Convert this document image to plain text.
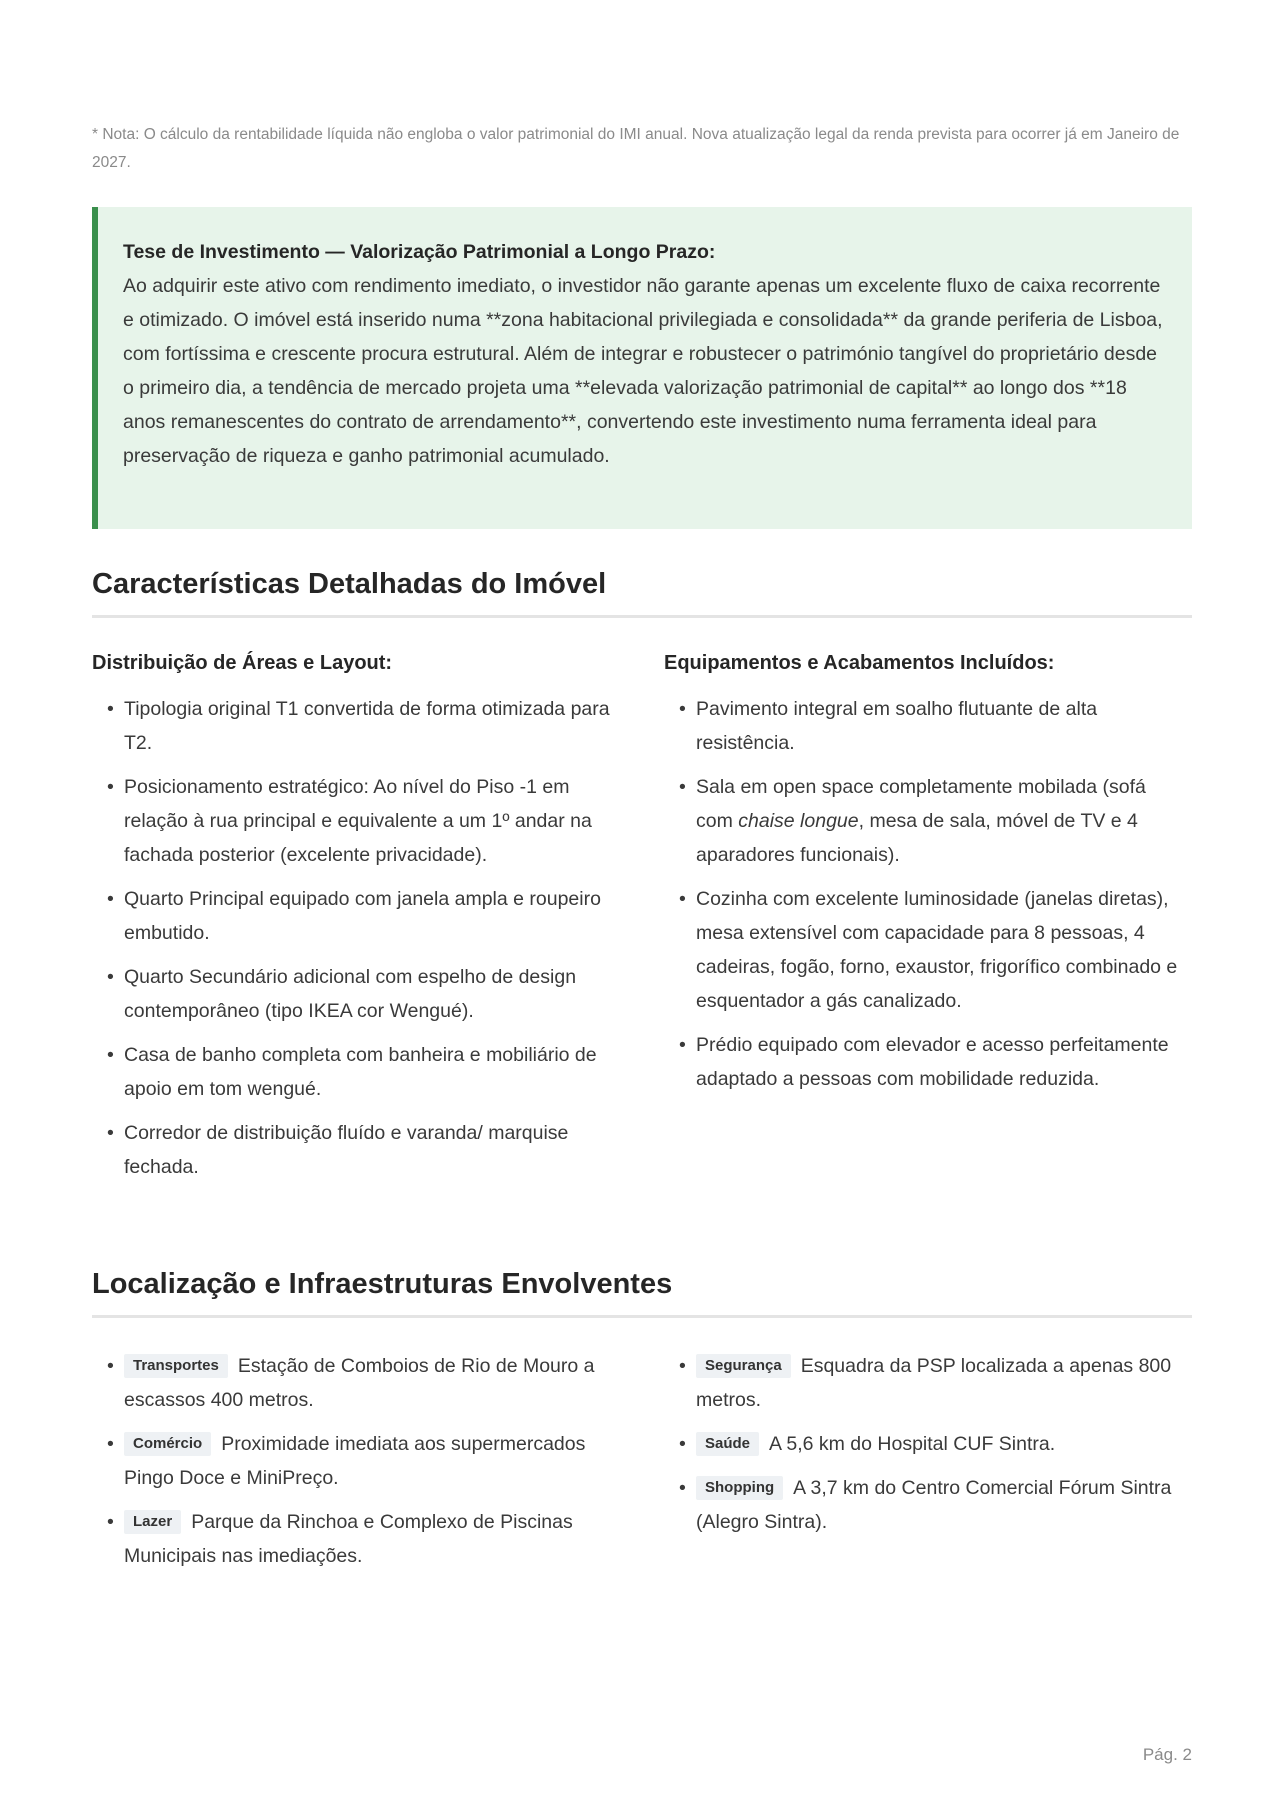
* Nota: O cálculo da rentabilidade líquida não engloba o valor patrimonial do IMI anual. Nova atualização legal da renda prevista para ocorrer já em Janeiro de 2027.
Tese de Investimento — Valorização Patrimonial a Longo Prazo:
Ao adquirir este ativo com rendimento imediato, o investidor não garante apenas um excelente fluxo de caixa recorrente e otimizado. O imóvel está inserido numa **zona habitacional privilegiada e consolidada** da grande periferia de Lisboa, com fortíssima e crescente procura estrutural. Além de integrar e robustecer o património tangível do proprietário desde o primeiro dia, a tendência de mercado projeta uma **elevada valorização patrimonial de capital** ao longo dos **18 anos remanescentes do contrato de arrendamento**, convertendo este investimento numa ferramenta ideal para preservação de riqueza e ganho patrimonial acumulado.
Características Detalhadas do Imóvel
Distribuição de Áreas e Layout:
• Tipologia original T1 convertida de forma otimizada para T2.
• Posicionamento estratégico: Ao nível do Piso -1 em relação à rua principal e equivalente a um 1º andar na fachada posterior (excelente privacidade).
• Quarto Principal equipado com janela ampla e roupeiro embutido.
• Quarto Secundário adicional com espelho de design contemporâneo (tipo IKEA cor Wengué).
• Casa de banho completa com banheira e mobiliário de apoio em tom wengué.
• Corredor de distribuição fluído e varanda/ marquise fechada.
Equipamentos e Acabamentos Incluídos:
• Pavimento integral em soalho flutuante de alta resistência.
• Sala em open space completamente mobilada (sofá com chaise longue, mesa de sala, móvel de TV e 4 aparadores funcionais).
• Cozinha com excelente luminosidade (janelas diretas), mesa extensível com capacidade para 8 pessoas, 4 cadeiras, fogão, forno, exaustor, frigorífico combinado e esquentador a gás canalizado.
• Prédio equipado com elevador e acesso perfeitamente adaptado a pessoas com mobilidade reduzida.
Localização e Infraestruturas Envolventes
• Transportes Estação de Comboios de Rio de Mouro a escassos 400 metros.
• Comércio Proximidade imediata aos supermercados Pingo Doce e MiniPreço.
• Lazer Parque da Rinchoa e Complexo de Piscinas Municipais nas imediações.
• Segurança Esquadra da PSP localizada a apenas 800 metros.
• Saúde A 5,6 km do Hospital CUF Sintra.
• Shopping A 3,7 km do Centro Comercial Fórum Sintra (Alegro Sintra).
Pág. 2
